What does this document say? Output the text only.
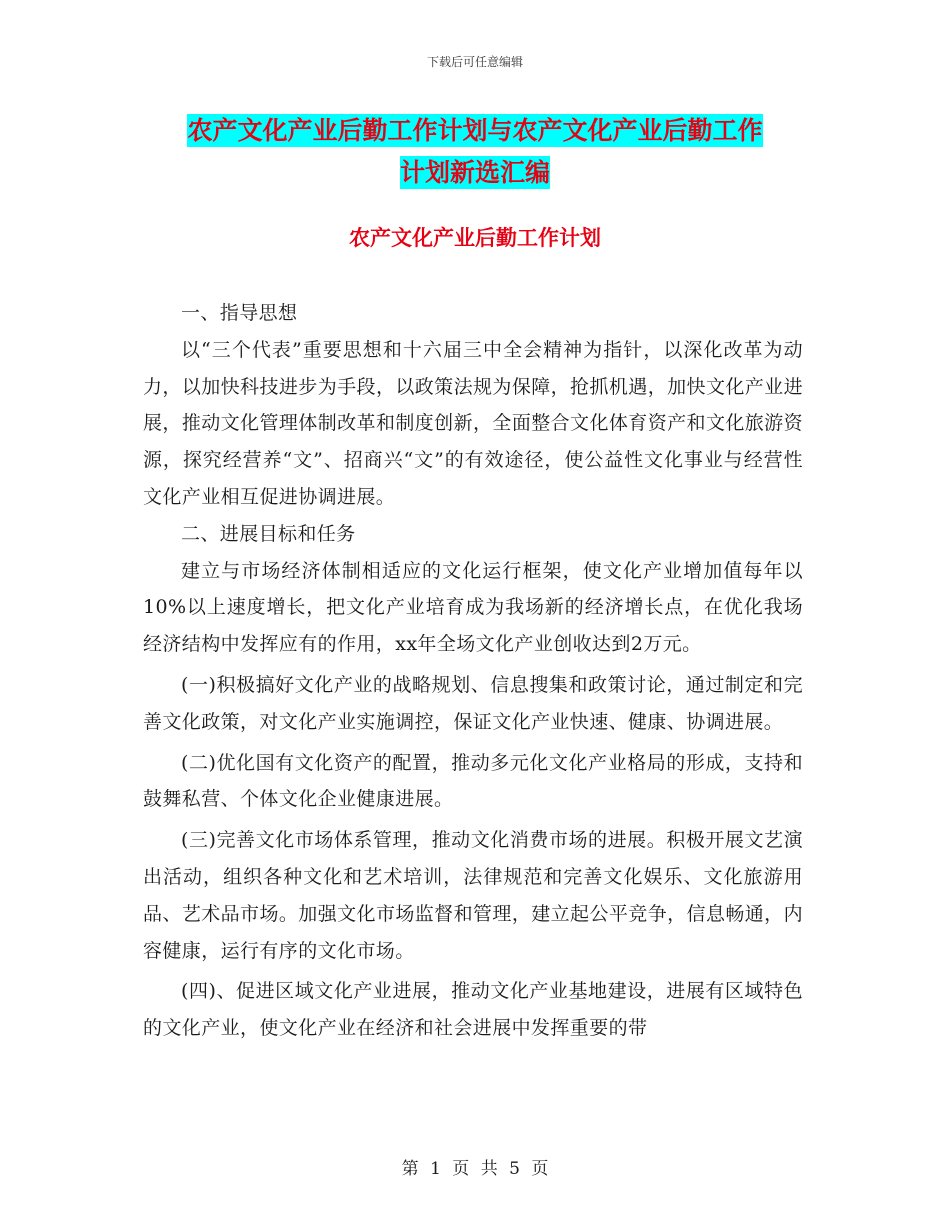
下载后可任意编辑
农产文化产业后勤工作计划与农产文化产业后勤工作
计划新选汇编
农产文化产业后勤工作计划

一、指导思想

以“三个代表”重要思想和十六届三中全会精神为指针，以深化改革为动力，以加快科技进步为手段，以政策法规为保障，抢抓机遇，加快文化产业进展，推动文化管理体制改革和制度创新，全面整合文化体育资产和文化旅游资源，探究经营养“文”、招商兴“文”的有效途径，使公益性文化事业与经营性文化产业相互促进协调进展。

二、进展目标和任务

建立与市场经济体制相适应的文化运行框架，使文化产业增加值每年以10%以上速度增长，把文化产业培育成为我场新的经济增长点，在优化我场经济结构中发挥应有的作用，xx年全场文化产业创收达到2万元。

(一)积极搞好文化产业的战略规划、信息搜集和政策讨论，通过制定和完善文化政策，对文化产业实施调控，保证文化产业快速、健康、协调进展。

(二)优化国有文化资产的配置，推动多元化文化产业格局的形成，支持和鼓舞私营、个体文化企业健康进展。

(三)完善文化市场体系管理，推动文化消费市场的进展。积极开展文艺演出活动，组织各种文化和艺术培训，法律规范和完善文化娱乐、文化旅游用品、艺术品市场。加强文化市场监督和管理，建立起公平竞争，信息畅通，内容健康，运行有序的文化市场。

(四)、促进区域文化产业进展，推动文化产业基地建设，进展有区域特色的文化产业，使文化产业在经济和社会进展中发挥重要的带

第 1 页 共 5 页
